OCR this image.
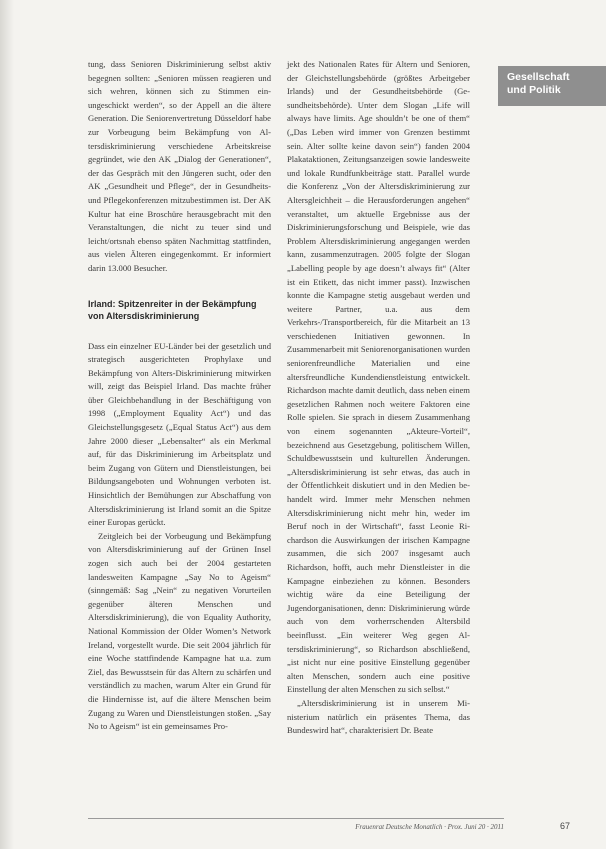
tung, dass Senioren Diskriminierung selbst aktiv begegnen sollten: „Senioren müssen reagieren und sich wehren, können sich zu Stimmen ein- ungeschickt werden“, so der Appell an die ältere Generation. Die Seniorenvertretung Düsseldorf habe zur Vorbeugung beim Bekämpfung von Altersdiskriminierung verschiedene Arbeitskreise gegründet, wie den AK „Dialog der Generationen“, der das Gespräch mit den Jüngeren sucht, oder den AK „Gesundheit und Pflege“, der in Gesundheits- und Pflegekonferenzen mitzubestimmen ist. Der AK Kultur hat eine Broschüre herausgebracht mit den Veranstaltungen, die nicht zu teuer sind und leicht/ortsnah ebenso späten Nachmittag stattfinden, aus vielen Älteren eingegenkommt. Er informiert darin 13.000 Besucher.

Irland: Spitzenreiter in der Bekämpfung von Altersdiskriminierung

Dass ein einzelner EU-Länder bei der gesetzlich und strategisch ausgerichteten Prophylaxe und Bekämpfung von Alters-Diskriminierung mitwirken will, zeigt das Beispiel Irland. Das machte früher über Gleichbehandlung in der Beschäftigung von 1998 („Employment Equality Act“) und das Gleichstellungsgesetz („Equal Status Act“) aus dem Jahre 2000 dieser „Lebensalter“ als ein Merkmal auf, für das Diskriminierung im Arbeitsplatz und beim Zugang von Gütern und Dienstleistungen, bei Bildungsangeboten und Wohnungen verboten ist. Hinsichtlich der Bemühungen zur Abschaffung von Altersdiskriminierung ist Irland somit an die Spitze einer Europas gerückt.

Zeitgleich bei der Vorbeugung und Bekämpfung von Altersdiskriminierung auf der Grünen Insel zogen sich auch bei der 2004 gestarteten landesweiten Kampagne „Say No to Ageism“ (sinngemäß: Sag „Nein“ zu negativen Vorurteilen gegenüber älteren Menschen und Altersdiskriminierung), die von Equality Authority, National Kommission der Older Women’s Network Ireland, vorgestellt wurde. Die seit 2004 jährlich für eine Woche stattfindende Kampagne hat u.a. zum Ziel, das Bewusstsein für das Altern zu schärfen und verständlich zu machen, warum Alter ein Grund für die Hindernisse ist, auf die ältere Menschen beim Zugang zu Waren und Dienstleistungen stoßen. „Say No to Ageism“ ist ein gemeinsames Pro-

jekt des Nationalen Rates für Altern und Senioren, der Gleichstellungsbehörde (größtes Arbeitgeber Irlands) und der Gesundheitsbehörde (Gesundheitsbehörde). Unter dem Slogan „Life will always have limits. Age shouldn’t be one of them“ („Das Leben wird immer von Grenzen bestimmt sein. Alter sollte keine davon sein“) fanden 2004 Plakataktionen, Zeitungsanzeigen sowie landesweite und lokale Rundfunkbeiträge statt. Parallel wurde die Konferenz „Von der Altersdiskriminierung zur Altersgleichheit – die Herausforderungen angehen“ veranstaltet, um aktuelle Ergebnisse aus der Diskriminierungsforschung und Beispiele, wie das Problem Altersdiskriminierung angegangen werden kann, zusammenzutragen. 2005 folgte der Slogan „Labelling people by age doesn’t always fit“ (Alter ist ein Etikett, das nicht immer passt). Inzwischen konnte die Kampagne stetig ausgebaut werden und weitere Partner, u.a. aus dem Verkehrs-/Transportbereich, für die Mitarbeit an 13 verschiedenen Initiativen gewonnen. In Zusammenarbeit mit Seniorenorganisationen wurden seniorenfreundliche Materialien und eine altersfreundliche Kundendienstleistung entwickelt. Richardson machte damit deutlich, dass neben einem gesetzlichen Rahmen noch weitere Faktoren eine Rolle spielen. Sie sprach in diesem Zusammenhang von einem sogenannten „Akteure-Vorteil“, bezeichnend aus Gesetzgebung, politischem Willen, Schuldbewusstsein und kulturellen Änderungen. „Altersdiskriminierung ist sehr etwas, das auch in der Öffentlichkeit diskutiert und in den Medien behandelt wird. Immer mehr Menschen nehmen Altersdiskriminierung nicht mehr hin, weder im Beruf noch in der Wirtschaft“, fasst Leonie Richardson die Auswirkungen der irischen Kampagne zusammen, die sich 2007 insgesamt auch Richardson, hofft, auch mehr Dienstleister in die Kampagne einbeziehen zu können. Besonders wichtig wäre da eine Beteiligung der Jugendorganisationen, denn: Diskriminierung würde auch von dem vorherrschenden Altersbild beeinflusst. „Ein weiterer Weg gegen Altersdiskriminierung“, so Richardson abschließend, „ist nicht nur eine positive Einstellung gegenüber alten Menschen, sondern auch eine positive Einstellung der alten Menschen zu sich selbst.“

„Altersdiskriminierung ist in unserem Ministerium natürlich ein präsentes Thema, das Bundeswird hat“, charakterisiert Dr. Beate

Gesellschaft
und Politik
Frauenrat Deutsche Monatlich · Prox. Juni 20 · 2011	67
